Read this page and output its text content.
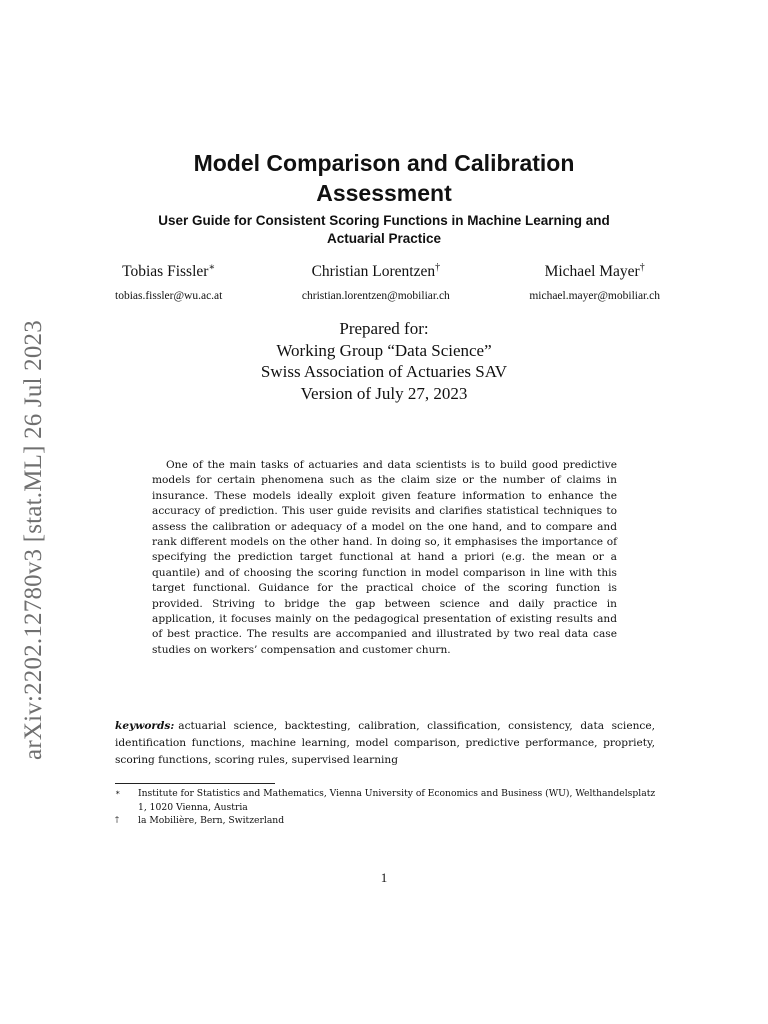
arXiv:2202.12780v3 [stat.ML] 26 Jul 2023
Model Comparison and Calibration
Assessment
User Guide for Consistent Scoring Functions in Machine Learning and
Actuarial Practice
Tobias Fissler∗
tobias.fissler@wu.ac.at
Christian Lorentzen†
christian.lorentzen@mobiliar.ch
Michael Mayer†
michael.mayer@mobiliar.ch
Prepared for:
Working Group “Data Science”
Swiss Association of Actuaries SAV
Version of July 27, 2023

One of the main tasks of actuaries and data scientists is to build good predictive models for certain phenomena such as the claim size or the number of claims in insurance. These models ideally exploit given feature information to enhance the accuracy of prediction. This user guide revisits and clarifies statistical techniques to assess the calibration or adequacy of a model on the one hand, and to compare and rank different models on the other hand. In doing so, it emphasises the importance of specifying the prediction target functional at hand a priori (e.g. the mean or a quantile) and of choosing the scoring function in model comparison in line with this target functional. Guidance for the practical choice of the scoring function is provided. Striving to bridge the gap between science and daily practice in application, it focuses mainly on the pedagogical presentation of existing results and of best practice. The results are accompanied and illustrated by two real data case studies on workers’ compensation and customer churn.

keywords: actuarial science, backtesting, calibration, classification, consistency, data science, identification functions, machine learning, model comparison, predictive performance, propriety, scoring functions, scoring rules, supervised learning

∗	Institute for Statistics and Mathematics, Vienna University of Economics and Business (WU), Welthandelsplatz 1, 1020 Vienna, Austria
†	la Mobilière, Bern, Switzerland
1
